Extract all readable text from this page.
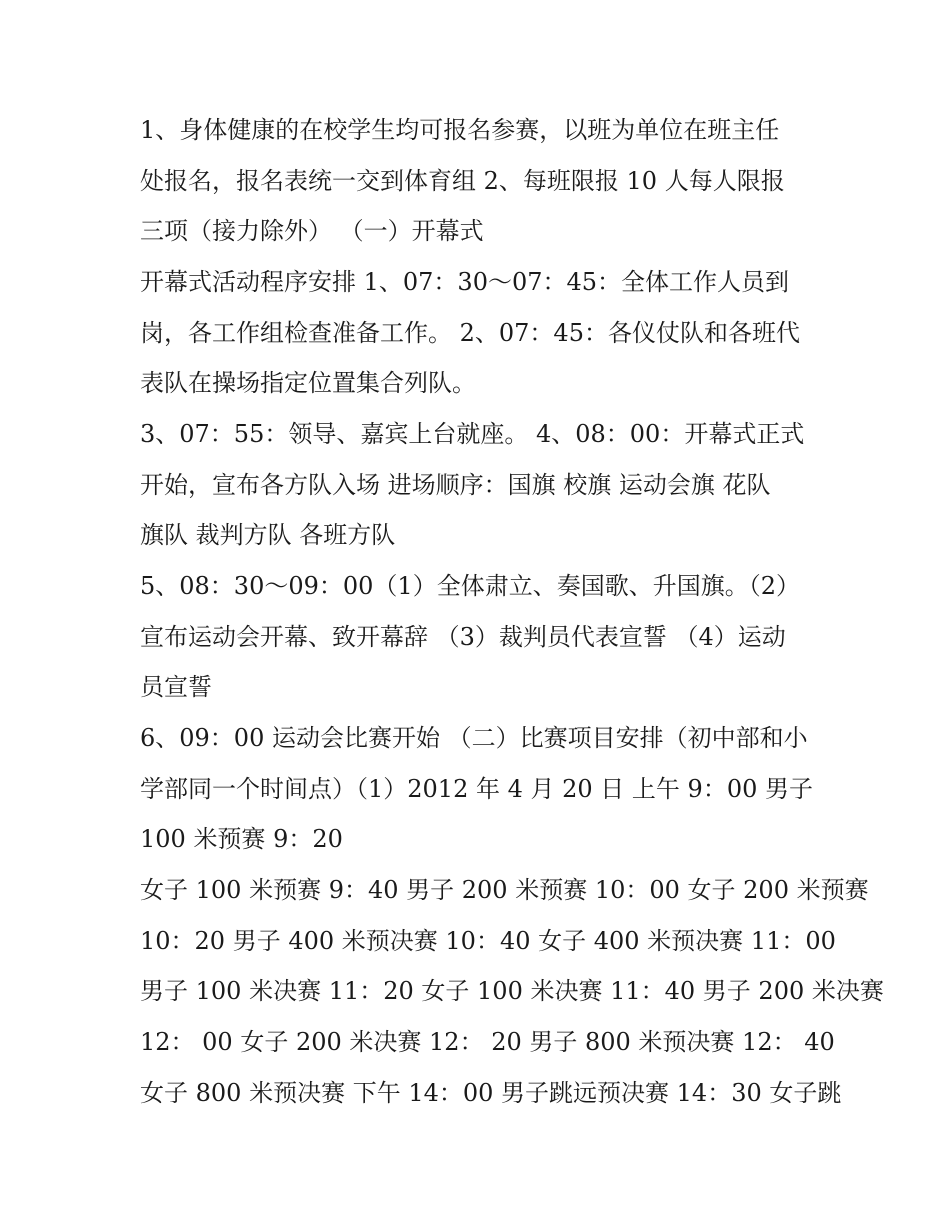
1、身体健康的在校学生均可报名参赛，以班为单位在班主任
处报名，报名表统一交到体育组 2、每班限报 10 人每人限报
三项（接力除外） （一）开幕式
开幕式活动程序安排 1、07：30～07：45：全体工作人员到
岗，各工作组检查准备工作。 2、07：45：各仪仗队和各班代
表队在操场指定位置集合列队。
3、07：55：领导、嘉宾上台就座。 4、08：00：开幕式正式
开始，宣布各方队入场 进场顺序：国旗 校旗 运动会旗 花队
旗队 裁判方队 各班方队
5、08：30～09：00（1）全体肃立、奏国歌、升国旗。（2）
宣布运动会开幕、致开幕辞 （3）裁判员代表宣誓 （4）运动
员宣誓
6、09：00 运动会比赛开始 （二）比赛项目安排（初中部和小
学部同一个时间点）（1）2012 年 4 月 20 日 上午 9：00 男子
100 米预赛 9：20
女子 100 米预赛 9：40 男子 200 米预赛 10：00 女子 200 米预赛
10：20 男子 400 米预决赛 10：40 女子 400 米预决赛 11：00
男子 100 米决赛 11：20 女子 100 米决赛 11：40 男子 200 米决赛
12： 00 女子 200 米决赛 12： 20 男子 800 米预决赛 12： 40
女子 800 米预决赛 下午 14：00 男子跳远预决赛 14：30 女子跳
